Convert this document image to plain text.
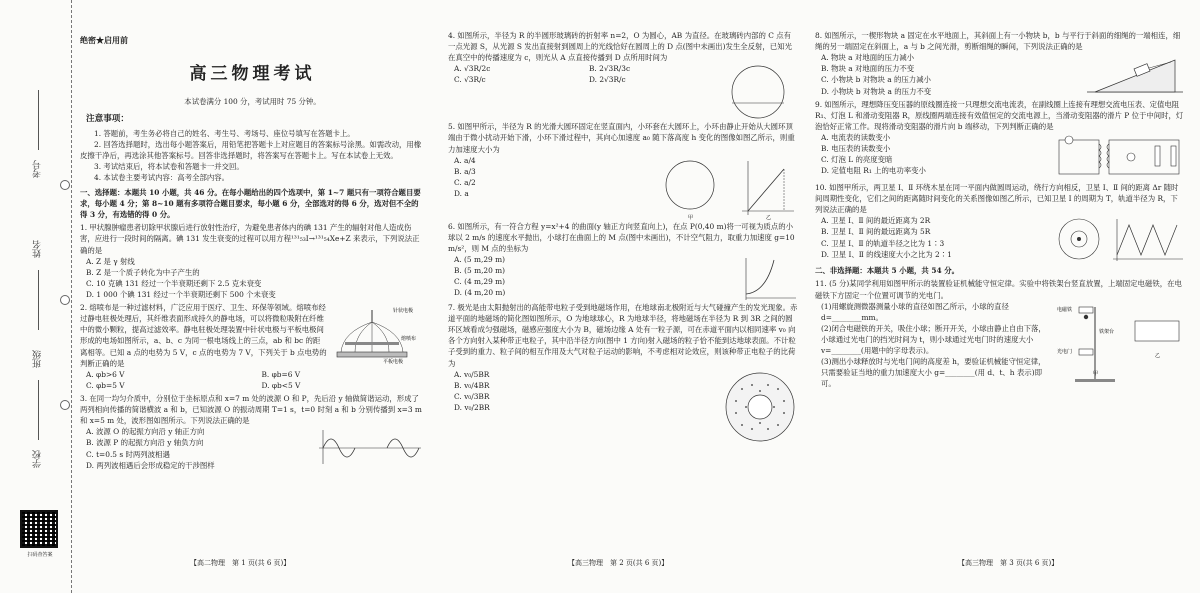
考号
姓名
班级
学校
扫码查答案
绝密★启用前
高三物理考试
本试卷满分 100 分，考试用时 75 分钟。
注意事项：

1. 答题前，考生务必将自己的姓名、考生号、考场号、座位号填写在答题卡上。

2. 回答选择题时，选出每小题答案后，用铅笔把答题卡上对应题目的答案标号涂黑。如需改动，用橡皮擦干净后，再选涂其他答案标号。回答非选择题时，将答案写在答题卡上。写在本试卷上无效。

3. 考试结束后，将本试卷和答题卡一并交回。

4. 本试卷主要考试内容：高考全部内容。

一、选择题：本题共 10 小题，共 46 分。在每小题给出的四个选项中，第 1~7 题只有一项符合题目要求，每小题 4 分；第 8~10 题有多项符合题目要求，每小题 6 分，全部选对的得 6 分，选对但不全的得 3 分，有选错的得 0 分。
1. 甲状腺肿瘤患者切除甲状腺后进行放射性治疗，为避免患者体内的碘 131 产生的辐射对他人造成伤害，应进行一段时间的隔离。碘 131 发生衰变的过程可以用方程¹³¹₅₃I→¹³¹₅₄Xe+Z 来表示，下列说法正确的是
A. Z 是 γ 射线
B. Z 是一个质子转化为中子产生的
C. 10 克碘 131 经过一个半衰期还剩下 2.5 克未衰变
D. 1 000 个碘 131 经过一个半衰期还剩下 500 个未衰变
针状电极
平板电极
熔喷布
2. 熔喷布是一种过滤材料，广泛应用于医疗、卫生、环保等领域。熔喷布经过静电驻极处理后，其纤维表面形成持久的静电场，可以将微粒吸附在纤维中的微小颗粒，提高过滤效率。静电驻极处理装置中针状电极与平板电极间形成的电场如图所示，a、b、c 为同一根电场线上的三点，ab 和 bc 的距离相等。已知 a 点的电势为 5 V，c 点的电势为 7 V，下列关于 b 点电势的判断正确的是
A. φb>6 V	B. φb=6 V
C. φb=5 V	D. φb<5 V
3. 在同一均匀介质中，分别位于坐标原点和 x=7 m 处的波源 O 和 P，先后沿 y 轴做简谐运动，形成了两列相向传播的简谐横波 a 和 b，已知波源 O 的振动周期 T=1 s，t=0 时刻 a 和 b 分别传播到 x=3 m 和 x=5 m 处，波形图如图所示。下列说法正确的是
A. 波源 O 的起振方向沿 y 轴正方向
B. 波源 P 的起振方向沿 y 轴负方向
C. t=0.5 s 时两列波相遇
D. 两列波相遇后会形成稳定的干涉图样
4. 如图所示，半径为 R 的半圆形玻璃砖的折射率 n=2，O 为圆心，AB 为直径。在玻璃砖内部的 C 点有一点光源 S，从光源 S 发出直接射到圆周上的光线恰好在圆周上的 D 点(图中未画出)发生全反射，已知光在真空中的传播速度为 c，则光从 A 点直接传播到 D 点所用时间为
A. √3R/2c	B. 2√3R/3c
C. √3R/c	D. 2√3R/c
5. 如图甲所示，半径为 R 的光滑大圆环固定在竖直面内，小环套在大圆环上，小环由静止开始从大圆环顶端由于微小扰动开始下滑，小环下滑过程中，其向心加速度 a₀ 随下落高度 h 变化的图像如图乙所示，则重力加速度大小为
甲	乙
A. a/4
B. a/3
C. a/2
D. a
6. 如图所示，有一符合方程 y=x²+4 的曲面(y 轴正方向竖直向上)，在点 P(0,40 m)将一可视为质点的小球以 2 m/s 的速度水平抛出，小球打在曲面上的 M 点(图中未画出)，不计空气阻力，取重力加速度 g=10 m/s²，则 M 点的坐标为
A. (5 m,29 m)
B. (5 m,20 m)
C. (4 m,29 m)
D. (4 m,20 m)
7. 极光是由太阳抛射出的高能带电粒子受到地磁场作用，在地球南北极附近与大气碰撞产生的发光现象。赤道平面的地磁场的简化图如图所示，O 为地球球心，R 为地球半径，将地磁场在半径为 R 到 3R 之间的圆环区域看成匀强磁场，磁感应强度大小为 B，磁场边缘 A 处有一粒子源，可在赤道平面内以相同速率 v₀ 向各个方向射入某种带正电粒子，其中沿半径方向(图中 1 方向)射入磁场的粒子恰不能到达地球表面。不计粒子受到的重力、粒子间的相互作用及大气对粒子运动的影响，不考虑相对论效应，则该种带正电粒子的比荷为
A. v₀/5BR
B. v₀/4BR
C. v₀/3BR
D. v₀/2BR
8. 如图所示，一楔形物块 a 固定在水平地面上，其斜面上有一小物块 b，b 与平行于斜面的细绳的一端相连，细绳的另一端固定在斜面上，a 与 b 之间光滑，剪断细绳的瞬间，下列说法正确的是
A. 物块 a 对地面的压力减小
B. 物块 a 对地面的压力不变
C. 小物块 b 对物块 a 的压力减小
D. 小物块 b 对物块 a 的压力不变
9. 如图所示，理想降压变压器的原线圈连接一只理想交流电流表，在副线圈上连接有理想交流电压表、定值电阻 R₁、灯泡 L 和滑动变阻器 R，原线圈两端连接有效值恒定的交流电源上，当滑动变阻器的滑片 P 位于中间时，灯泡恰好正常工作。现将滑动变阻器的滑片向 b 端移动，下列判断正确的是
A. 电流表的读数变小
B. 电压表的读数变小
C. 灯泡 L 的亮度变暗
D. 定值电阻 R₁ 上的电功率变小
10. 如图甲所示，两卫星 Ⅰ、Ⅱ 环绕木星在同一平面内做圆周运动，绕行方向相反，卫星 Ⅰ、Ⅱ 间的距离 Δr 随时间周期性变化，它们之间的距离随时间变化的关系图像如图乙所示，已知卫星 Ⅰ 的周期为 T，轨道半径为 R，下列说法正确的是
A. 卫星 Ⅰ、Ⅱ 间的最近距离为 2R
B. 卫星 Ⅰ、Ⅱ 间的最远距离为 5R
C. 卫星 Ⅰ、Ⅱ 的轨道半径之比为 1∶3
D. 卫星 Ⅰ、Ⅱ 的线速度大小之比为 2∶1
二、非选择题：本题共 5 小题，共 54 分。
11. (5 分)某同学利用如图甲所示的装置验证机械能守恒定律。实验中将铁架台竖直放置，上端固定电磁铁，在电磁铁下方固定一个位置可调节的光电门。
电磁铁
铁架台
光电门
甲
乙
(1)用螺旋测微器测量小球的直径如图乙所示，小球的直径 d=________mm。
(2)闭合电磁铁的开关，吸住小球；断开开关，小球由静止自由下落，小球通过光电门的挡光时间为 t，则小球通过光电门时的速度大小 v=________(用题中的字母表示)。
(3)测出小球释放时与光电门间的高度差 h，要验证机械能守恒定律，只需要验证当地的重力加速度大小 g=________(用 d、t、h 表示)即可。
【高二物理　第 1 页(共 6 页)】	【高三物理　第 2 页(共 6 页)】	【高三物理　第 3 页(共 6 页)】
